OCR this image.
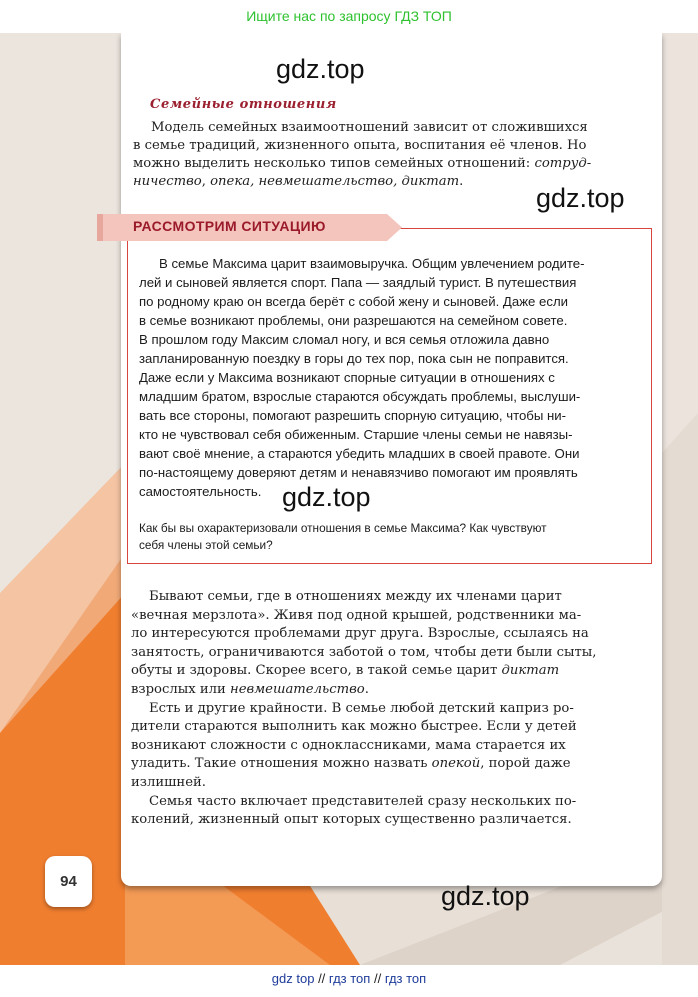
Ищите нас по запросу ГДЗ ТОП
gdz.top
gdz.top
gdz.top
gdz.top
Семейные отношения
Модель семейных взаимоотношений зависит от сложившихся
в семье традиций, жизненного опыта, воспитания её членов. Но
можно выделить несколько типов семейных отношений: сотруд-
ничество, опека, невмешательство, диктат.
РАССМОТРИМ СИТУАЦИЮ
В семье Максима царит взаимовыручка. Общим увлечением родите-
лей и сыновей является спорт. Папа — заядлый турист. В путешествия
по родному краю он всегда берёт с собой жену и сыновей. Даже если
в семье возникают проблемы, они разрешаются на семейном совете.
В прошлом году Максим сломал ногу, и вся семья отложила давно
запланированную поездку в горы до тех пор, пока сын не поправится.
Даже если у Максима возникают спорные ситуации в отношениях с
младшим братом, взрослые стараются обсуждать проблемы, выслуши-
вать все стороны, помогают разрешить спорную ситуацию, чтобы ни-
кто не чувствовал себя обиженным. Старшие члены семьи не навязы-
вают своё мнение, а стараются убедить младших в своей правоте. Они
по-настоящему доверяют детям и ненавязчиво помогают им проявлять
самостоятельность.
Как бы вы охарактеризовали отношения в семье Максима? Как чувствуют
себя члены этой семьи?
Бывают семьи, где в отношениях между их членами царит
«вечная мерзлота». Живя под одной крышей, родственники ма-
ло интересуются проблемами друг друга. Взрослые, ссылаясь на
занятость, ограничиваются заботой о том, чтобы дети были сыты,
обуты и здоровы. Скорее всего, в такой семье царит диктат
взрослых или невмешательство.
Есть и другие крайности. В семье любой детский каприз ро-
дители стараются выполнить как можно быстрее. Если у детей
возникают сложности с одноклассниками, мама старается их
уладить. Такие отношения можно назвать опекой, порой даже
излишней.
Семья часто включает представителей сразу нескольких по-
колений, жизненный опыт которых существенно различается.
94
gdz top // гдз топ // гдз топ
